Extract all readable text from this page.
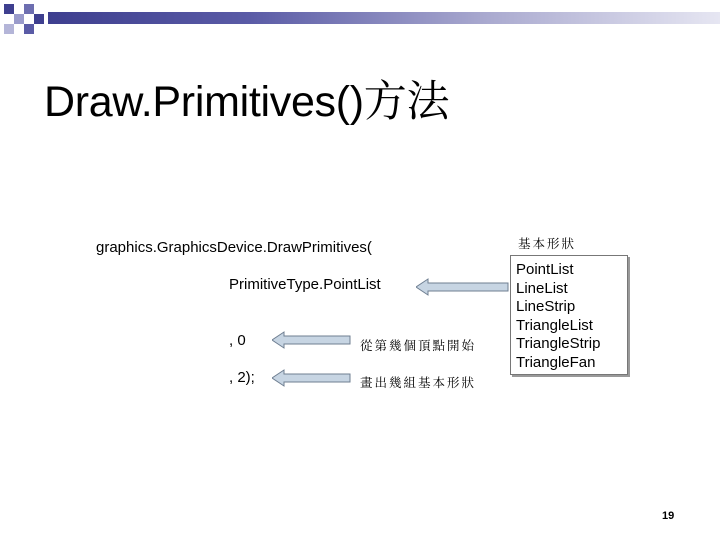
Draw.Primitives()方法
graphics.GraphicsDevice.DrawPrimitives(
PrimitiveType.PointList
, 0
, 2);
基本形狀
從第幾個頂點開始
畫出幾組基本形狀
PointList
LineList
LineStrip
TriangleList
TriangleStrip
TriangleFan
19
